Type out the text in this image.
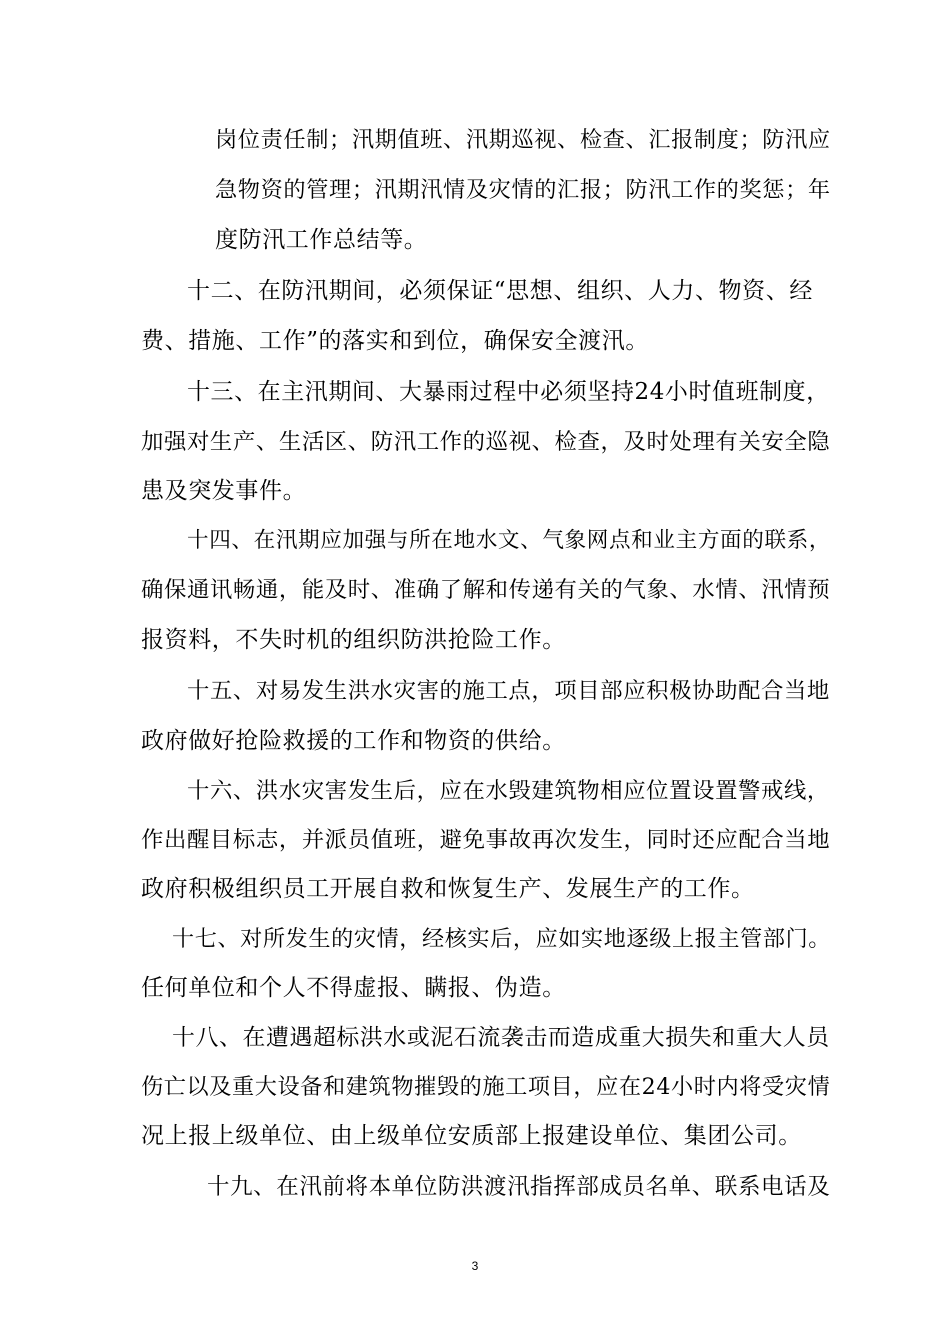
岗位责任制；汛期值班、汛期巡视、检查、汇报制度；防汛应
急物资的管理；汛期汛情及灾情的汇报；防汛工作的奖惩；年
度防汛工作总结等。
十二、在防汛期间，必须保证“思想、组织、人力、物资、经
费、措施、工作”的落实和到位，确保安全渡汛。
十三、在主汛期间、大暴雨过程中必须坚持24小时值班制度，
加强对生产、生活区、防汛工作的巡视、检查，及时处理有关安全隐
患及突发事件。
十四、在汛期应加强与所在地水文、气象网点和业主方面的联系，
确保通讯畅通，能及时、准确了解和传递有关的气象、水情、汛情预
报资料，不失时机的组织防洪抢险工作。
十五、对易发生洪水灾害的施工点，项目部应积极协助配合当地
政府做好抢险救援的工作和物资的供给。
十六、洪水灾害发生后，应在水毁建筑物相应位置设置警戒线，
作出醒目标志，并派员值班，避免事故再次发生，同时还应配合当地
政府积极组织员工开展自救和恢复生产、发展生产的工作。
十七、对所发生的灾情，经核实后，应如实地逐级上报主管部门。
任何单位和个人不得虚报、瞒报、伪造。
十八、在遭遇超标洪水或泥石流袭击而造成重大损失和重大人员
伤亡以及重大设备和建筑物摧毁的施工项目，应在24小时内将受灾情
况上报上级单位、由上级单位安质部上报建设单位、集团公司。
十九、在汛前将本单位防洪渡汛指挥部成员名单、联系电话及
3
